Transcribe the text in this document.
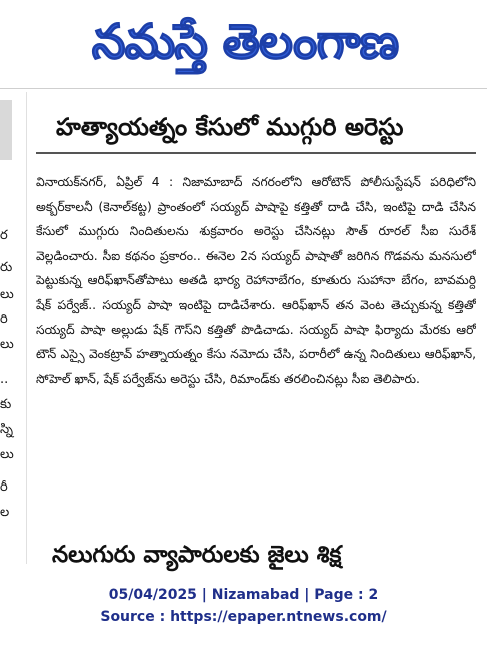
నమస్తే తెలంగాణ
ర
రు
లు
రి
లు
..
కు
స్ని
లు
రీ
ల
హత్యాయత్నం కేసులో ముగ్గురి అరెస్టు
వినాయక్‌నగర్, ఏప్రిల్ 4 : నిజామాబాద్ నగరంలోని ఆరోటౌన్ పోలీసుస్టేషన్ పరిధిలోని అక్బర్‌కాలనీ (కెనాల్‌కట్ట) ప్రాంతంలో సయ్యద్ పాషాపై కత్తితో దాడి చేసి, ఇంటిపై దాడి చేసిన కేసులో ముగ్గురు నిందితులను శుక్రవారం అరెస్టు చేసినట్లు సౌత్ రూరల్ సీఐ సురేశ్ వెల్లడించారు. సీఐ కథనం ప్రకారం.. ఈనెల 2న సయ్యద్ పాషాతో జరిగిన గొడవను మనసులో పెట్టుకున్న ఆరిఫ్‌ఖాన్‌తోపాటు అతడి భార్య రెహానాబేగం, కూతురు సుహానా బేగం, బావమర్ది షేక్ పర్వేజ్.. సయ్యద్ పాషా ఇంటిపై దాడిచేశారు. ఆరిఫ్‌ఖాన్ తన వెంట తెచ్చుకున్న కత్తితో సయ్యద్ పాషా అల్లుడు షేక్ గౌస్‌ని కత్తితో పొడిచాడు. సయ్యద్ పాషా ఫిర్యాదు మేరకు ఆరో టౌన్ ఎస్సై వెంకట్రావ్ హత్నాయత్నం కేసు నమోదు చేసి, పరారీలో ఉన్న నిందితులు ఆరిఫ్‌ఖాన్, సోహెల్ ఖాన్, షేక్ పర్వేజ్‌ను అరెస్టు చేసి, రిమాండ్‌కు తరలించినట్లు సీఐ తెలిపారు.
నలుగురు వ్యాపారులకు జైలు శిక్ష
05/04/2025 | Nizamabad | Page : 2
Source : https://epaper.ntnews.com/
